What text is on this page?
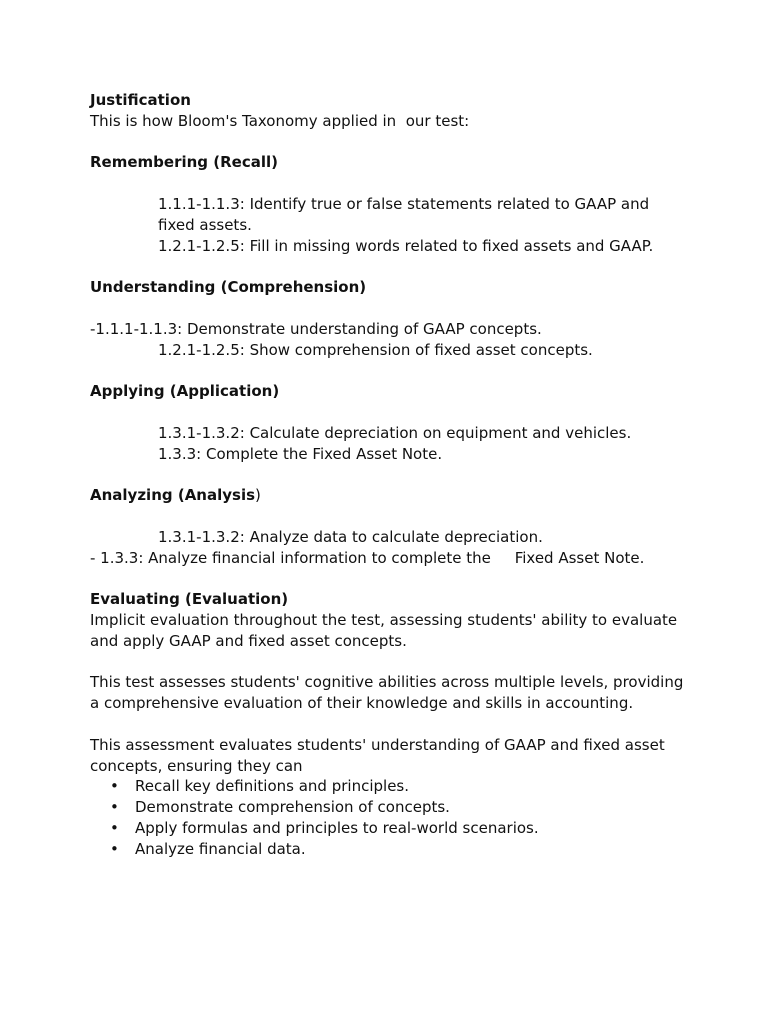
Justification
This is how Bloom's Taxonomy applied in  our test:
Remembering (Recall)
1.1.1-1.1.3: Identify true or false statements related to GAAP and fixed assets.
1.2.1-1.2.5: Fill in missing words related to fixed assets and GAAP.
Understanding (Comprehension)
-1.1.1-1.1.3: Demonstrate understanding of GAAP concepts.
1.2.1-1.2.5: Show comprehension of fixed asset concepts.
Applying (Application)
1.3.1-1.3.2: Calculate depreciation on equipment and vehicles.
1.3.3: Complete the Fixed Asset Note.
Analyzing (Analysis)
1.3.1-1.3.2: Analyze data to calculate depreciation.
- 1.3.3: Analyze financial information to complete the     Fixed Asset Note.
Evaluating (Evaluation)
Implicit evaluation throughout the test, assessing students' ability to evaluate and apply GAAP and fixed asset concepts.
This test assesses students' cognitive abilities across multiple levels, providing a comprehensive evaluation of their knowledge and skills in accounting.
This assessment evaluates students' understanding of GAAP and fixed asset concepts, ensuring they can
• Recall key definitions and principles.
• Demonstrate comprehension of concepts.
• Apply formulas and principles to real-world scenarios.
• Analyze financial data.
